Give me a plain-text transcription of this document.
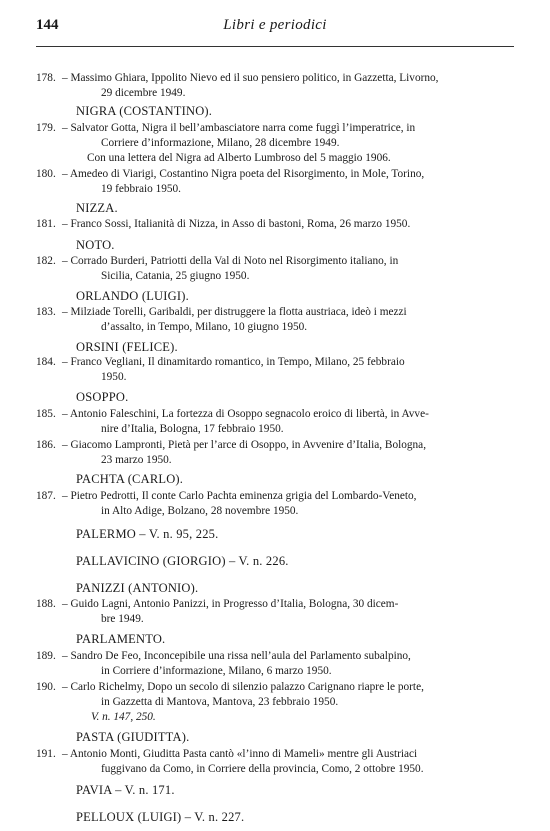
144	Libri e periodici
178. – Massimo Ghiara, Ippolito Nievo ed il suo pensiero politico, in Gazzetta, Livorno,
29 dicembre 1949.
NIGRA (COSTANTINO).
179. – Salvator Gotta, Nigra il bell’ambasciatore narra come fuggì l’imperatrice, in
Corriere d’informazione, Milano, 28 dicembre 1949.
Con una lettera del Nigra ad Alberto Lumbroso del 5 maggio 1906.
180. – Amedeo di Viarigi, Costantino Nigra poeta del Risorgimento, in Mole, Torino,
19 febbraio 1950.
NIZZA.
181. – Franco Sossi, Italianità di Nizza, in Asso di bastoni, Roma, 26 marzo 1950.
NOTO.
182. – Corrado Burderi, Patriotti della Val di Noto nel Risorgimento italiano, in
Sicilia, Catania, 25 giugno 1950.
ORLANDO (LUIGI).
183. – Milziade Torelli, Garibaldi, per distruggere la flotta austriaca, ideò i mezzi
d’assalto, in Tempo, Milano, 10 giugno 1950.
ORSINI (FELICE).
184. – Franco Vegliani, Il dinamitardo romantico, in Tempo, Milano, 25 febbraio
1950.
OSOPPO.
185. – Antonio Faleschini, La fortezza di Osoppo segnacolo eroico di libertà, in Avve-
nire d’Italia, Bologna, 17 febbraio 1950.
186. – Giacomo Lampronti, Pietà per l’arce di Osoppo, in Avvenire d’Italia, Bologna,
23 marzo 1950.
PACHTA (CARLO).
187. – Pietro Pedrotti, Il conte Carlo Pachta eminenza grigia del Lombardo-Veneto,
in Alto Adige, Bolzano, 28 novembre 1950.
PALERMO – V. n. 95, 225.
PALLAVICINO (GIORGIO) – V. n. 226.
PANIZZI (ANTONIO).
188. – Guido Lagni, Antonio Panizzi, in Progresso d’Italia, Bologna, 30 dicem-
bre 1949.
PARLAMENTO.
189. – Sandro De Feo, Inconcepibile una rissa nell’aula del Parlamento subalpino,
in Corriere d’informazione, Milano, 6 marzo 1950.
190. – Carlo Richelmy, Dopo un secolo di silenzio palazzo Carignano riapre le porte,
in Gazzetta di Mantova, Mantova, 23 febbraio 1950.
V. n. 147, 250.
PASTA (GIUDITTA).
191. – Antonio Monti, Giuditta Pasta cantò «l’inno di Mameli» mentre gli Austriaci
fuggivano da Como, in Corriere della provincia, Como, 2 ottobre 1950.
PAVIA – V. n. 171.
PELLOUX (LUIGI) – V. n. 227.
